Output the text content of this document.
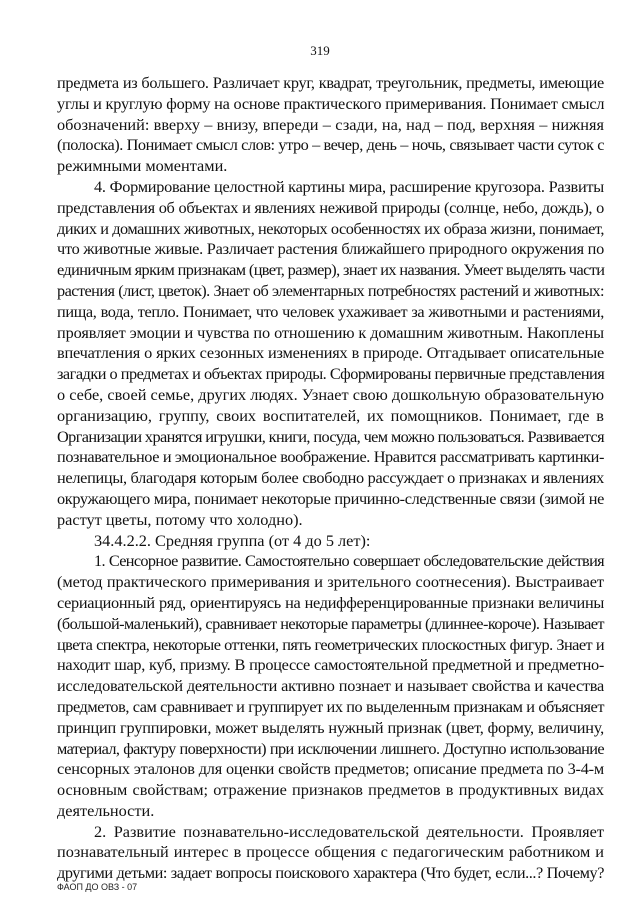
319
предмета из большего. Различает круг, квадрат, треугольник, предметы, имеющие
углы и круглую форму на основе практического примеривания. Понимает смысл
обозначений: вверху – внизу, впереди – сзади, на, над – под, верхняя – нижняя
(полоска). Понимает смысл слов: утро – вечер, день – ночь, связывает части суток с
режимными моментами.
4. Формирование целостной картины мира, расширение кругозора. Развиты
представления об объектах и явлениях неживой природы (солнце, небо, дождь), о
диких и домашних животных, некоторых особенностях их образа жизни, понимает,
что животные живые. Различает растения ближайшего природного окружения по
единичным ярким признакам (цвет, размер), знает их названия. Умеет выделять части
растения (лист, цветок). Знает об элементарных потребностях растений и животных:
пища, вода, тепло. Понимает, что человек ухаживает за животными и растениями,
проявляет эмоции и чувства по отношению к домашним животным. Накоплены
впечатления о ярких сезонных изменениях в природе. Отгадывает описательные
загадки о предметах и объектах природы. Сформированы первичные представления
о себе, своей семье, других людях. Узнает свою дошкольную образовательную
организацию, группу, своих воспитателей, их помощников. Понимает, где в
Организации хранятся игрушки, книги, посуда, чем можно пользоваться. Развивается
познавательное и эмоциональное воображение. Нравится рассматривать картинки-
нелепицы, благодаря которым более свободно рассуждает о признаках и явлениях
окружающего мира, понимает некоторые причинно-следственные связи (зимой не
растут цветы, потому что холодно).
34.4.2.2. Средняя группа (от 4 до 5 лет):
1. Сенсорное развитие. Самостоятельно совершает обследовательские действия
(метод практического примеривания и зрительного соотнесения). Выстраивает
сериационный ряд, ориентируясь на недифференцированные признаки величины
(большой-маленький), сравнивает некоторые параметры (длиннее-короче). Называет
цвета спектра, некоторые оттенки, пять геометрических плоскостных фигур. Знает и
находит шар, куб, призму. В процессе самостоятельной предметной и предметно-
исследовательской деятельности активно познает и называет свойства и качества
предметов, сам сравнивает и группирует их по выделенным признакам и объясняет
принцип группировки, может выделять нужный признак (цвет, форму, величину,
материал, фактуру поверхности) при исключении лишнего. Доступно использование
сенсорных эталонов для оценки свойств предметов; описание предмета по 3-4-м
основным свойствам; отражение признаков предметов в продуктивных видах
деятельности.
2. Развитие познавательно-исследовательской деятельности. Проявляет
познавательный интерес в процессе общения с педагогическим работником и
другими детьми: задает вопросы поискового характера (Что будет, если...? Почему?
ФАОП ДО ОВЗ - 07
